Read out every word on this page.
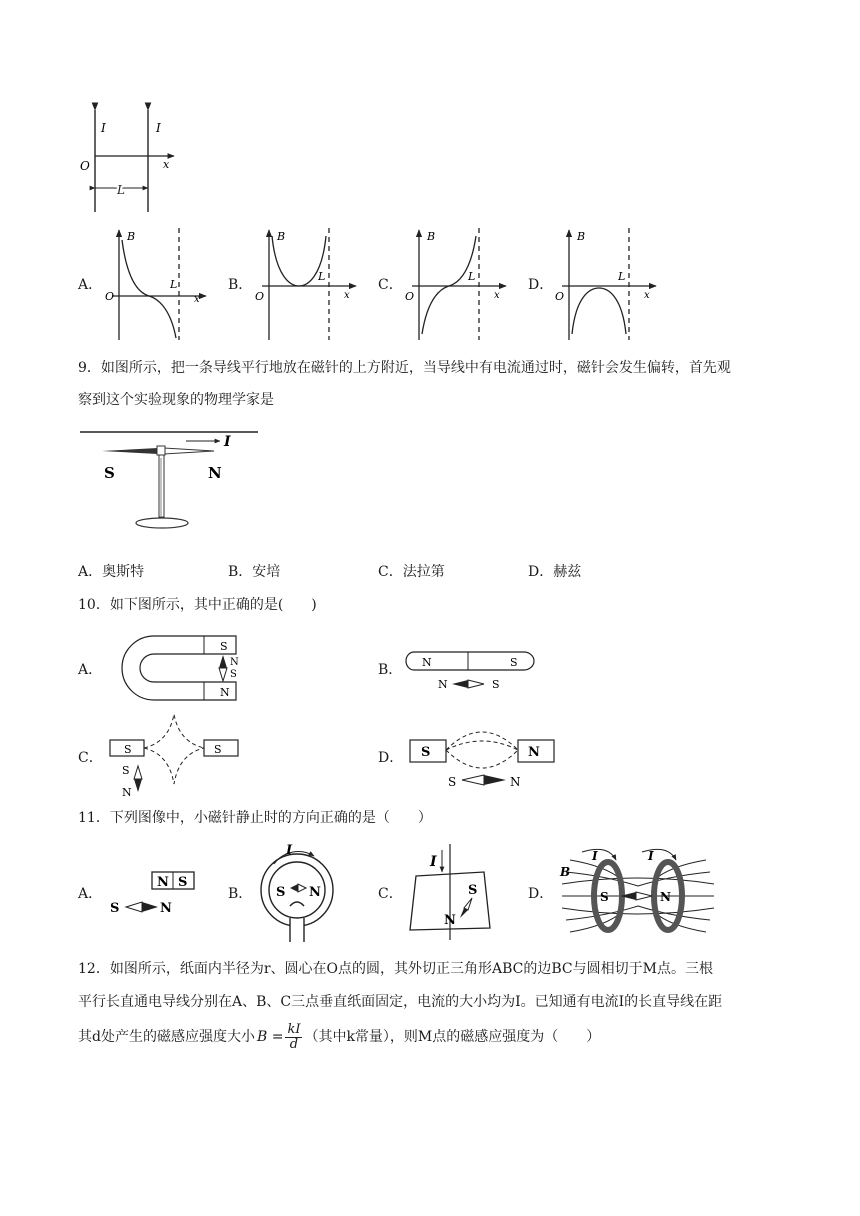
I	I
O	x
L
A．	B．	C．	D．
B
O
L
x
B
O
L
x
B
O
L
x
B
O
L
x
9．如图所示，把一条导线平行地放在磁针的上方附近，当导线中有电流通过时，磁针会发生偏转，首先观
察到这个实验现象的物理学家是
I
S	N
A．奥斯特	B．安培	C．法拉第	D．赫兹
10．如下图所示，其中正确的是(　　)
A．
S
N
N
S	B． N	S
N	S
C．
S	S
S
N
D． S	N
S	N
11．下列图像中，小磁针静止时的方向正确的是（　　）
A．
N S
S	N
B．
I
S N	C．
I
S
N
D．
B
I	I
S	N
12．如图所示，纸面内半径为r、圆心在O点的圆，其外切正三角形ABC的边BC与圆相切于M点。三根
平行长直通电导线分别在A、B、C三点垂直纸面固定，电流的大小均为I。已知通有电流I的长直导线在距
其d处产生的磁感应强度大小 $B = \frac{kI}{d}$ （其中k常量），则M点的磁感应强度为（　　）
